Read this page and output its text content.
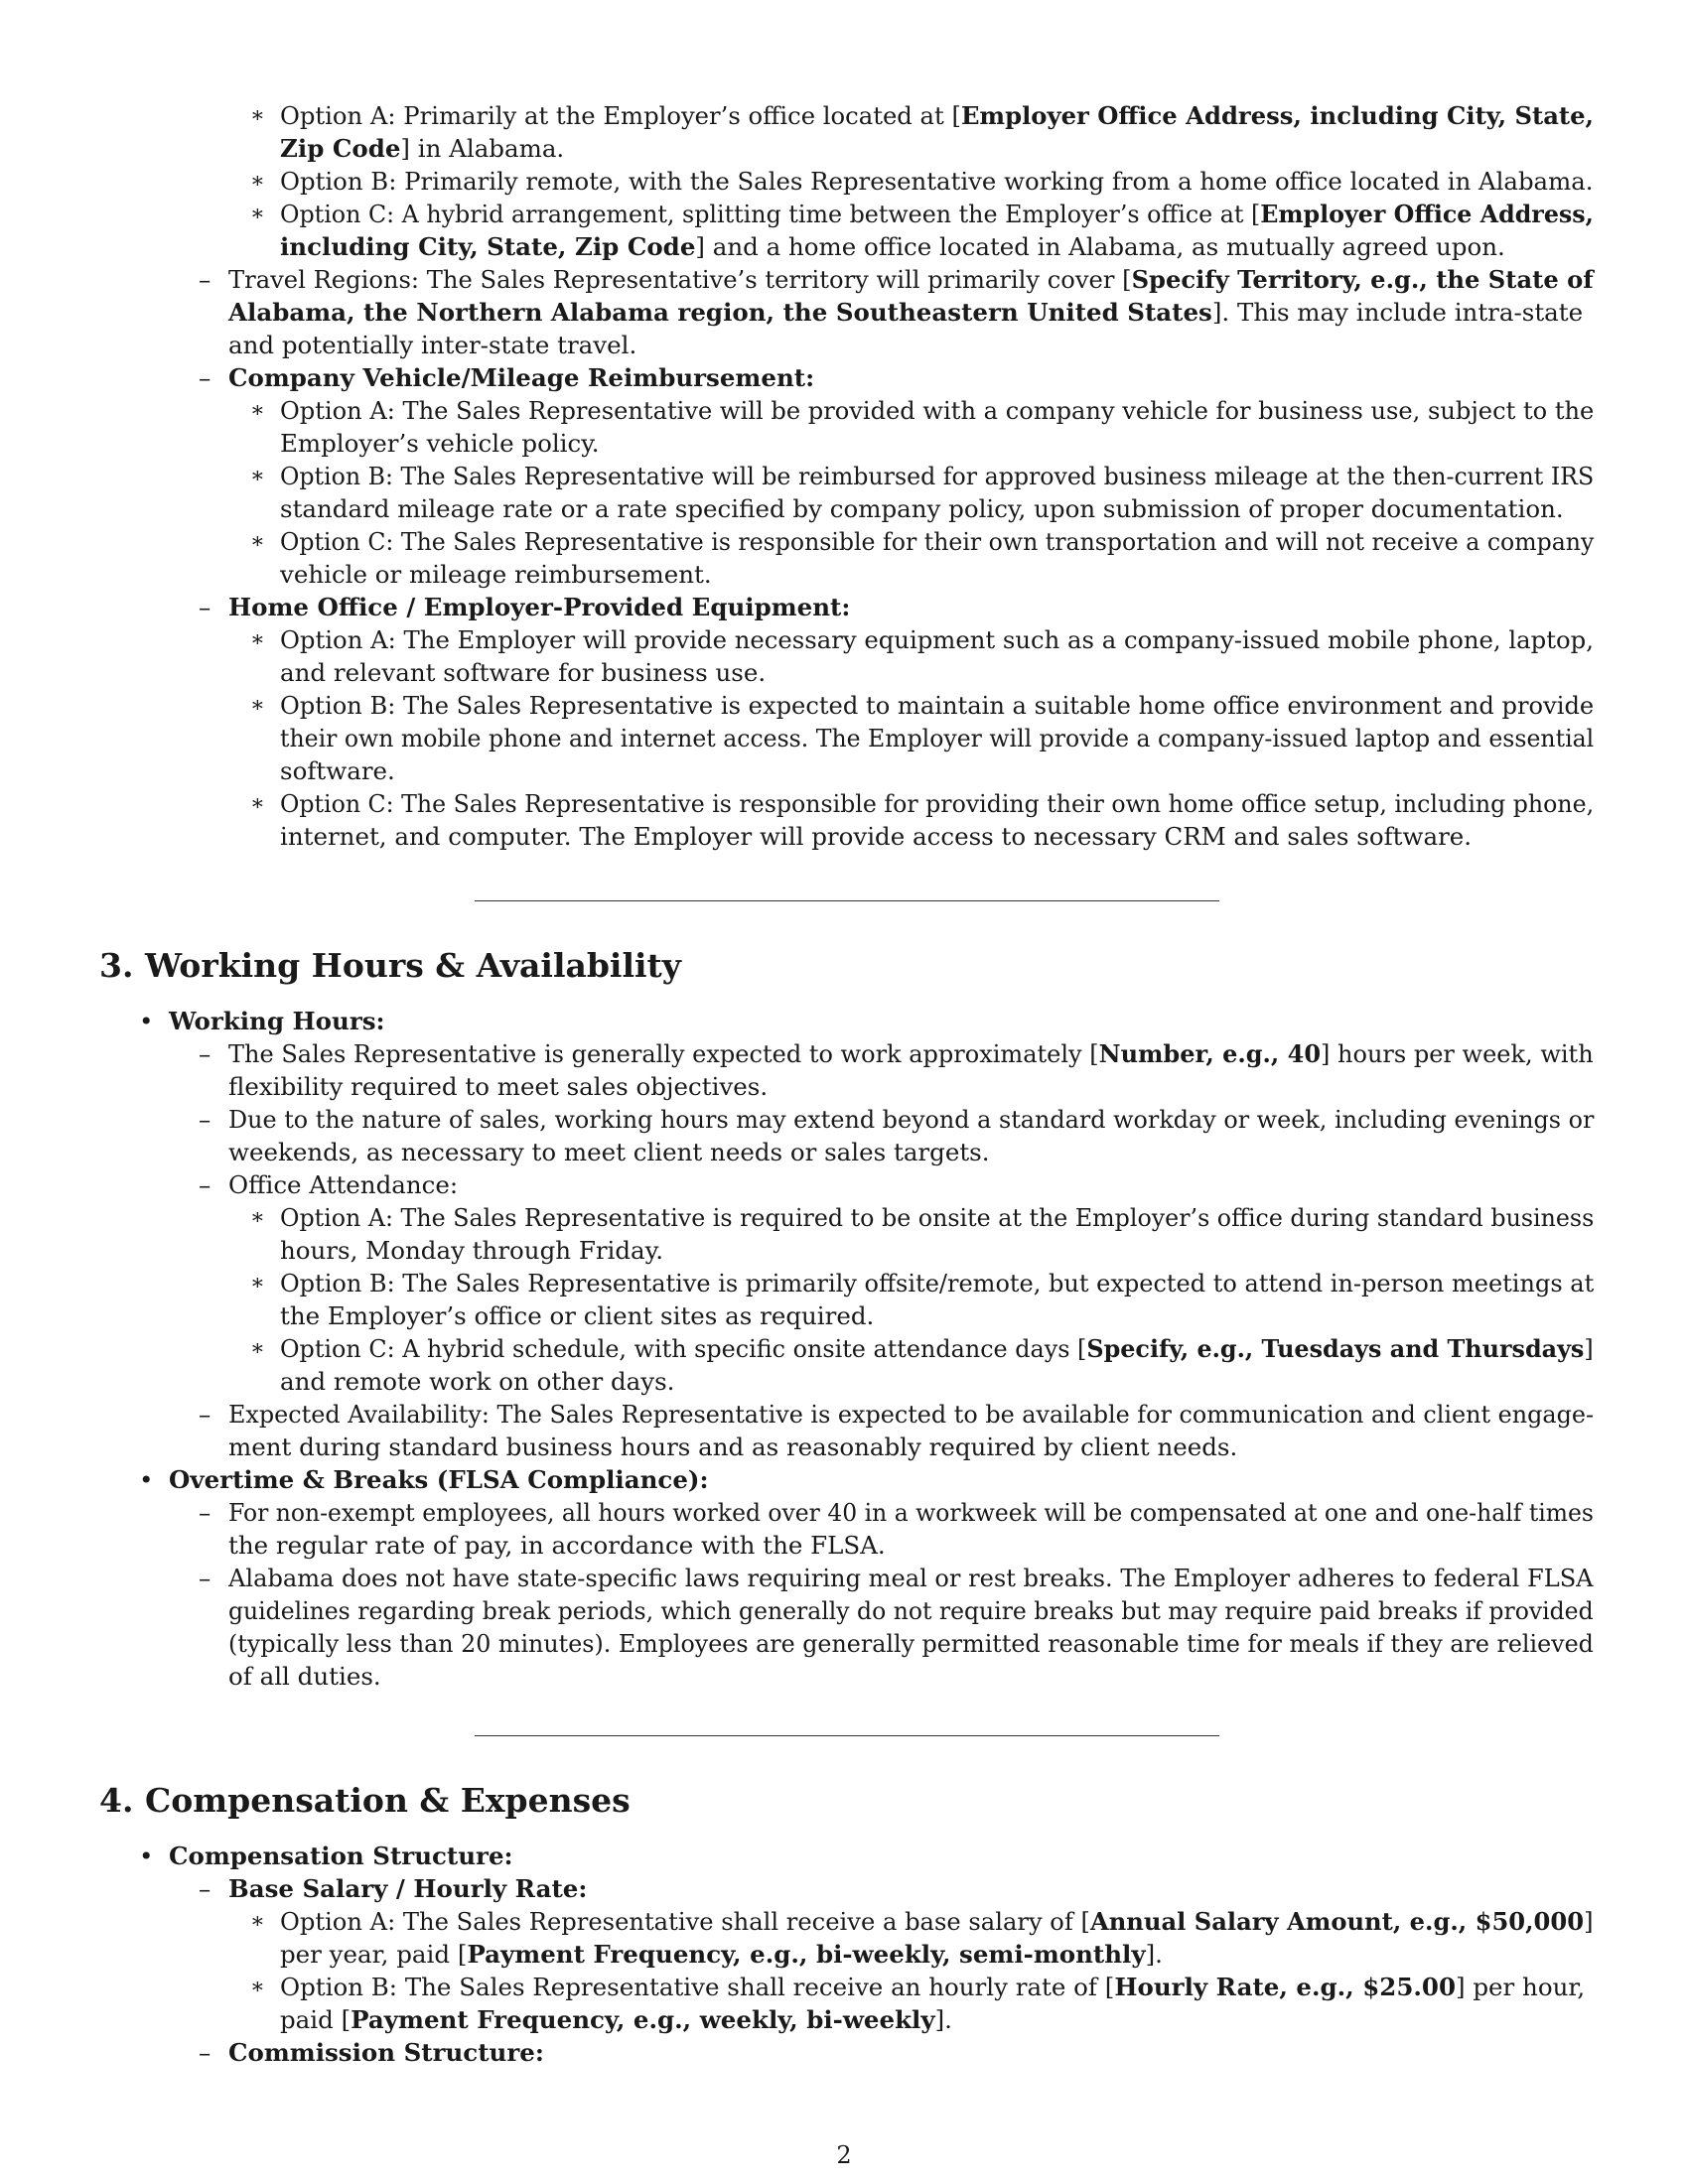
∗ Option A: Primarily at the Employer’s office located at [Employer Office Address, including City, State,
Zip Code] in Alabama.
∗ Option B: Primarily remote, with the Sales Representative working from a home office located in Alabama.
∗ Option C: A hybrid arrangement, splitting time between the Employer’s office at [Employer Office Address,
including City, State, Zip Code] and a home office located in Alabama, as mutually agreed upon.
– Travel Regions: The Sales Representative’s territory will primarily cover [Specify Territory, e.g., the State of
Alabama, the Northern Alabama region, the Southeastern United States]. This may include intra-state
and potentially inter-state travel.
– Company Vehicle/Mileage Reimbursement:
∗ Option A: The Sales Representative will be provided with a company vehicle for business use, subject to the
Employer’s vehicle policy.
∗ Option B: The Sales Representative will be reimbursed for approved business mileage at the then-current IRS
standard mileage rate or a rate specified by company policy, upon submission of proper documentation.
∗ Option C: The Sales Representative is responsible for their own transportation and will not receive a company
vehicle or mileage reimbursement.
– Home Office / Employer-Provided Equipment:
∗ Option A: The Employer will provide necessary equipment such as a company-issued mobile phone, laptop,
and relevant software for business use.
∗ Option B: The Sales Representative is expected to maintain a suitable home office environment and provide
their own mobile phone and internet access. The Employer will provide a company-issued laptop and essential
software.
∗ Option C: The Sales Representative is responsible for providing their own home office setup, including phone,
internet, and computer. The Employer will provide access to necessary CRM and sales software.
3. Working Hours & Availability
• Working Hours:
– The Sales Representative is generally expected to work approximately [Number, e.g., 40] hours per week, with
flexibility required to meet sales objectives.
– Due to the nature of sales, working hours may extend beyond a standard workday or week, including evenings or
weekends, as necessary to meet client needs or sales targets.
– Office Attendance:
∗ Option A: The Sales Representative is required to be onsite at the Employer’s office during standard business
hours, Monday through Friday.
∗ Option B: The Sales Representative is primarily offsite/remote, but expected to attend in-person meetings at
the Employer’s office or client sites as required.
∗ Option C: A hybrid schedule, with specific onsite attendance days [Specify, e.g., Tuesdays and Thursdays]
and remote work on other days.
– Expected Availability: The Sales Representative is expected to be available for communication and client engage-
ment during standard business hours and as reasonably required by client needs.
• Overtime & Breaks (FLSA Compliance):
– For non-exempt employees, all hours worked over 40 in a workweek will be compensated at one and one-half times
the regular rate of pay, in accordance with the FLSA.
– Alabama does not have state-specific laws requiring meal or rest breaks. The Employer adheres to federal FLSA
guidelines regarding break periods, which generally do not require breaks but may require paid breaks if provided
(typically less than 20 minutes). Employees are generally permitted reasonable time for meals if they are relieved
of all duties.
4. Compensation & Expenses
• Compensation Structure:
– Base Salary / Hourly Rate:
∗ Option A: The Sales Representative shall receive a base salary of [Annual Salary Amount, e.g., $50,000]
per year, paid [Payment Frequency, e.g., bi-weekly, semi-monthly].
∗ Option B: The Sales Representative shall receive an hourly rate of [Hourly Rate, e.g., $25.00] per hour,
paid [Payment Frequency, e.g., weekly, bi-weekly].
– Commission Structure:
2
